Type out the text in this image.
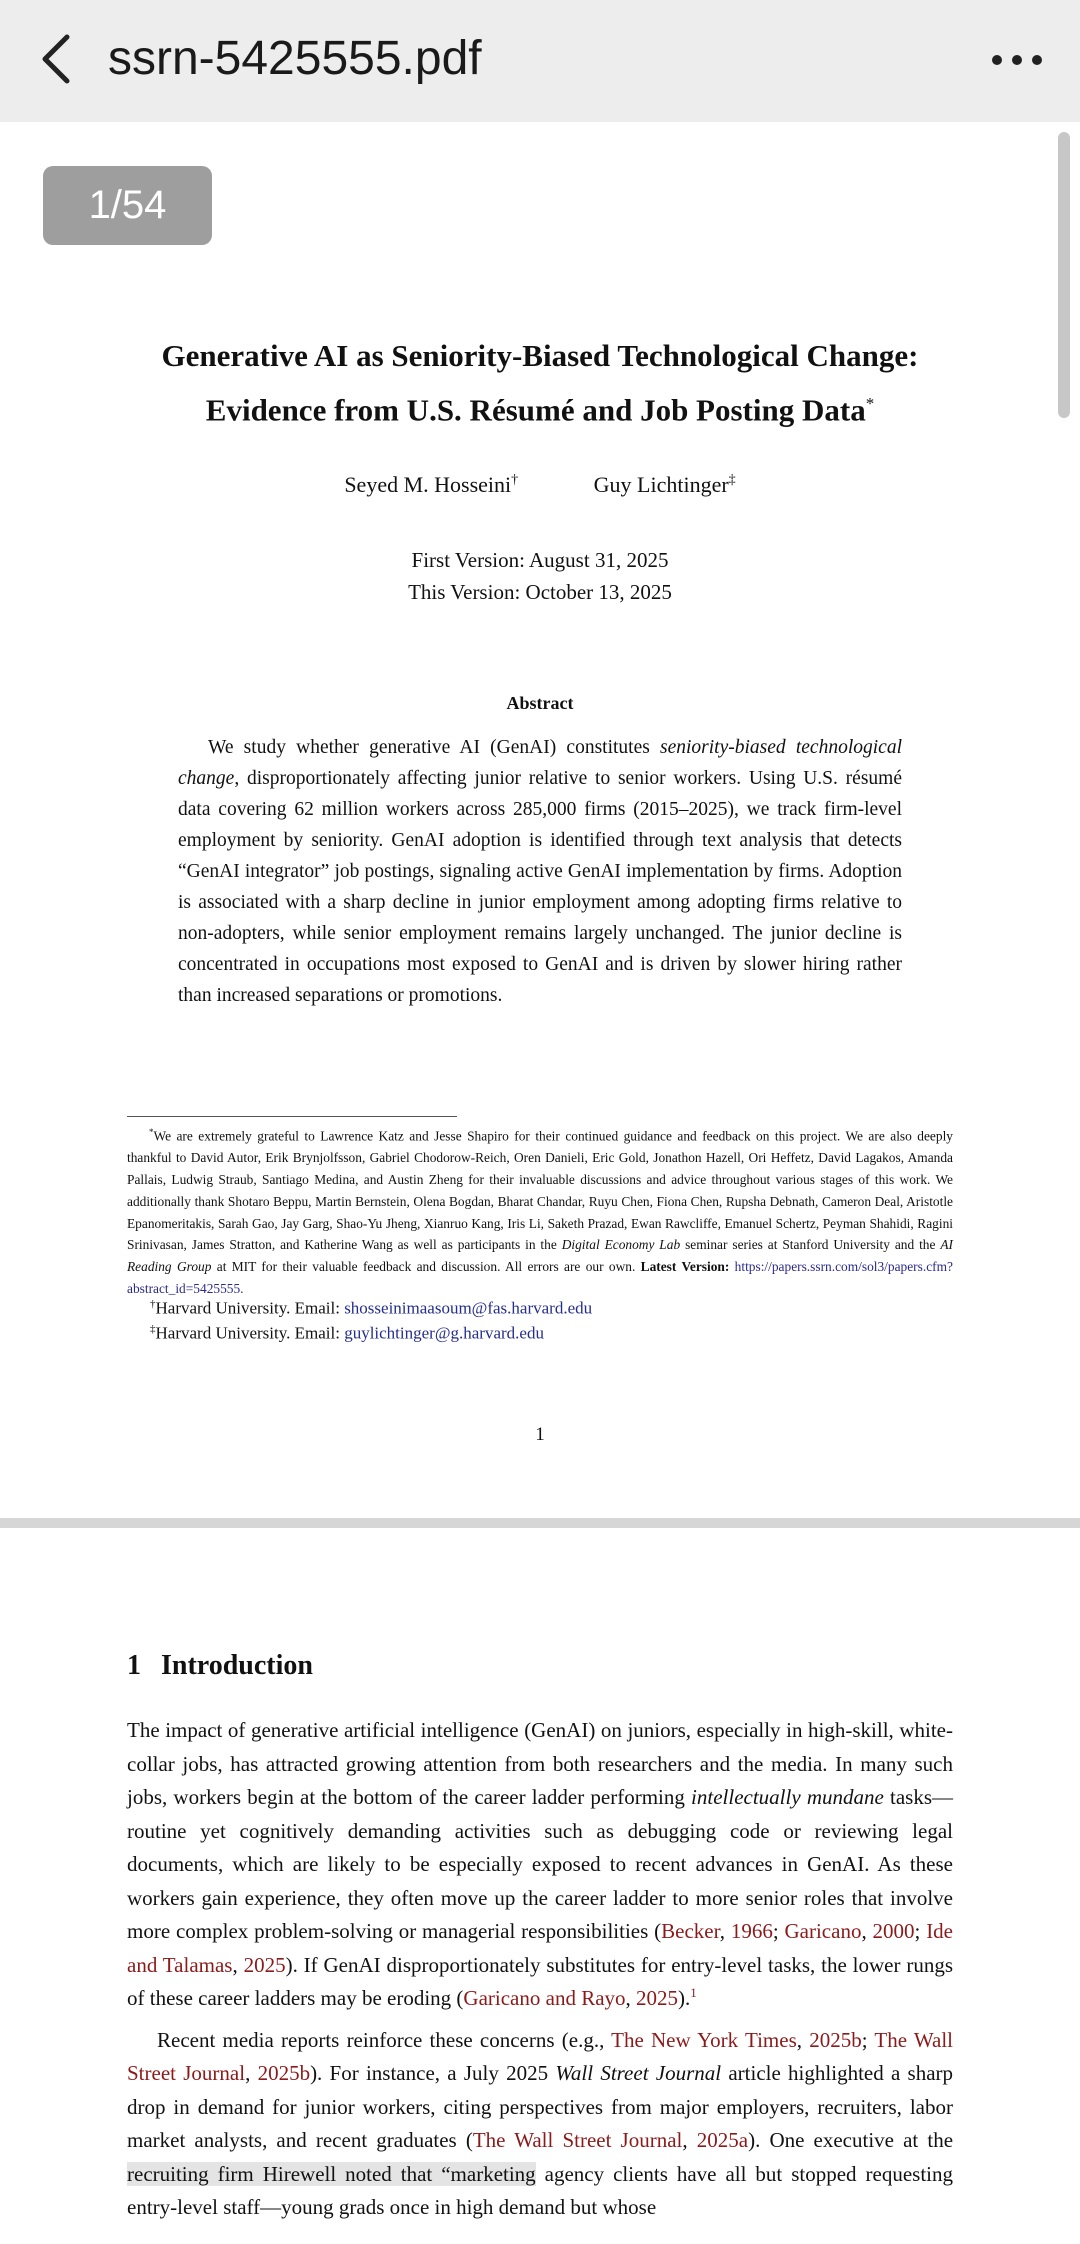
ssrn-5425555.pdf
1/54
Generative AI as Seniority-Biased Technological Change:
Evidence from U.S. Résumé and Job Posting Data*
Seyed M. Hosseini†	Guy Lichtinger‡
First Version: August 31, 2025
This Version: October 13, 2025
Abstract
We study whether generative AI (GenAI) constitutes seniority-biased technological change, disproportionately affecting junior relative to senior workers. Using U.S. résumé data covering 62 million workers across 285,000 firms (2015–2025), we track firm-level employment by seniority. GenAI adoption is identified through text analysis that detects “GenAI integrator” job postings, signaling active GenAI implementation by firms. Adoption is associated with a sharp decline in junior employment among adopting firms relative to non-adopters, while senior employment remains largely unchanged. The junior decline is concentrated in occupations most exposed to GenAI and is driven by slower hiring rather than increased separations or promotions.
*We are extremely grateful to Lawrence Katz and Jesse Shapiro for their continued guidance and feedback on this project. We are also deeply thankful to David Autor, Erik Brynjolfsson, Gabriel Chodorow-Reich, Oren Danieli, Eric Gold, Jonathon Hazell, Ori Heffetz, David Lagakos, Amanda Pallais, Ludwig Straub, Santiago Medina, and Austin Zheng for their invaluable discussions and advice throughout various stages of this work. We additionally thank Shotaro Beppu, Martin Bernstein, Olena Bogdan, Bharat Chandar, Ruyu Chen, Fiona Chen, Rupsha Debnath, Cameron Deal, Aristotle Epanomeritakis, Sarah Gao, Jay Garg, Shao-Yu Jheng, Xianruo Kang, Iris Li, Saketh Prazad, Ewan Rawcliffe, Emanuel Schertz, Peyman Shahidi, Ragini Srinivasan, James Stratton, and Katherine Wang as well as participants in the Digital Economy Lab seminar series at Stanford University and the AI Reading Group at MIT for their valuable feedback and discussion. All errors are our own. Latest Version: https://papers.ssrn.com/sol3/papers.cfm?abstract_id=5425555.
†Harvard University. Email: shosseinimaasoum@fas.harvard.edu
‡Harvard University. Email: guylichtinger@g.harvard.edu
1
1 Introduction

The impact of generative artificial intelligence (GenAI) on juniors, especially in high-skill, white-collar jobs, has attracted growing attention from both researchers and the media. In many such jobs, workers begin at the bottom of the career ladder performing intellectually mundane tasks—routine yet cognitively demanding activities such as debugging code or reviewing legal documents, which are likely to be especially exposed to recent advances in GenAI. As these workers gain experience, they often move up the career ladder to more senior roles that involve more complex problem-solving or managerial responsibilities (Becker, 1966; Garicano, 2000; Ide and Talamas, 2025). If GenAI disproportionately substitutes for entry-level tasks, the lower rungs of these career ladders may be eroding (Garicano and Rayo, 2025).$^1$

Recent media reports reinforce these concerns (e.g., The New York Times, 2025b; The Wall Street Journal, 2025b). For instance, a July 2025 Wall Street Journal article highlighted a sharp drop in demand for junior workers, citing perspectives from major employers, recruiters, labor market analysts, and recent graduates (The Wall Street Journal, 2025a). One executive at the recruiting firm Hirewell noted that “marketing agency clients have all but stopped requesting entry-level staff—young grads once in high demand but whose
